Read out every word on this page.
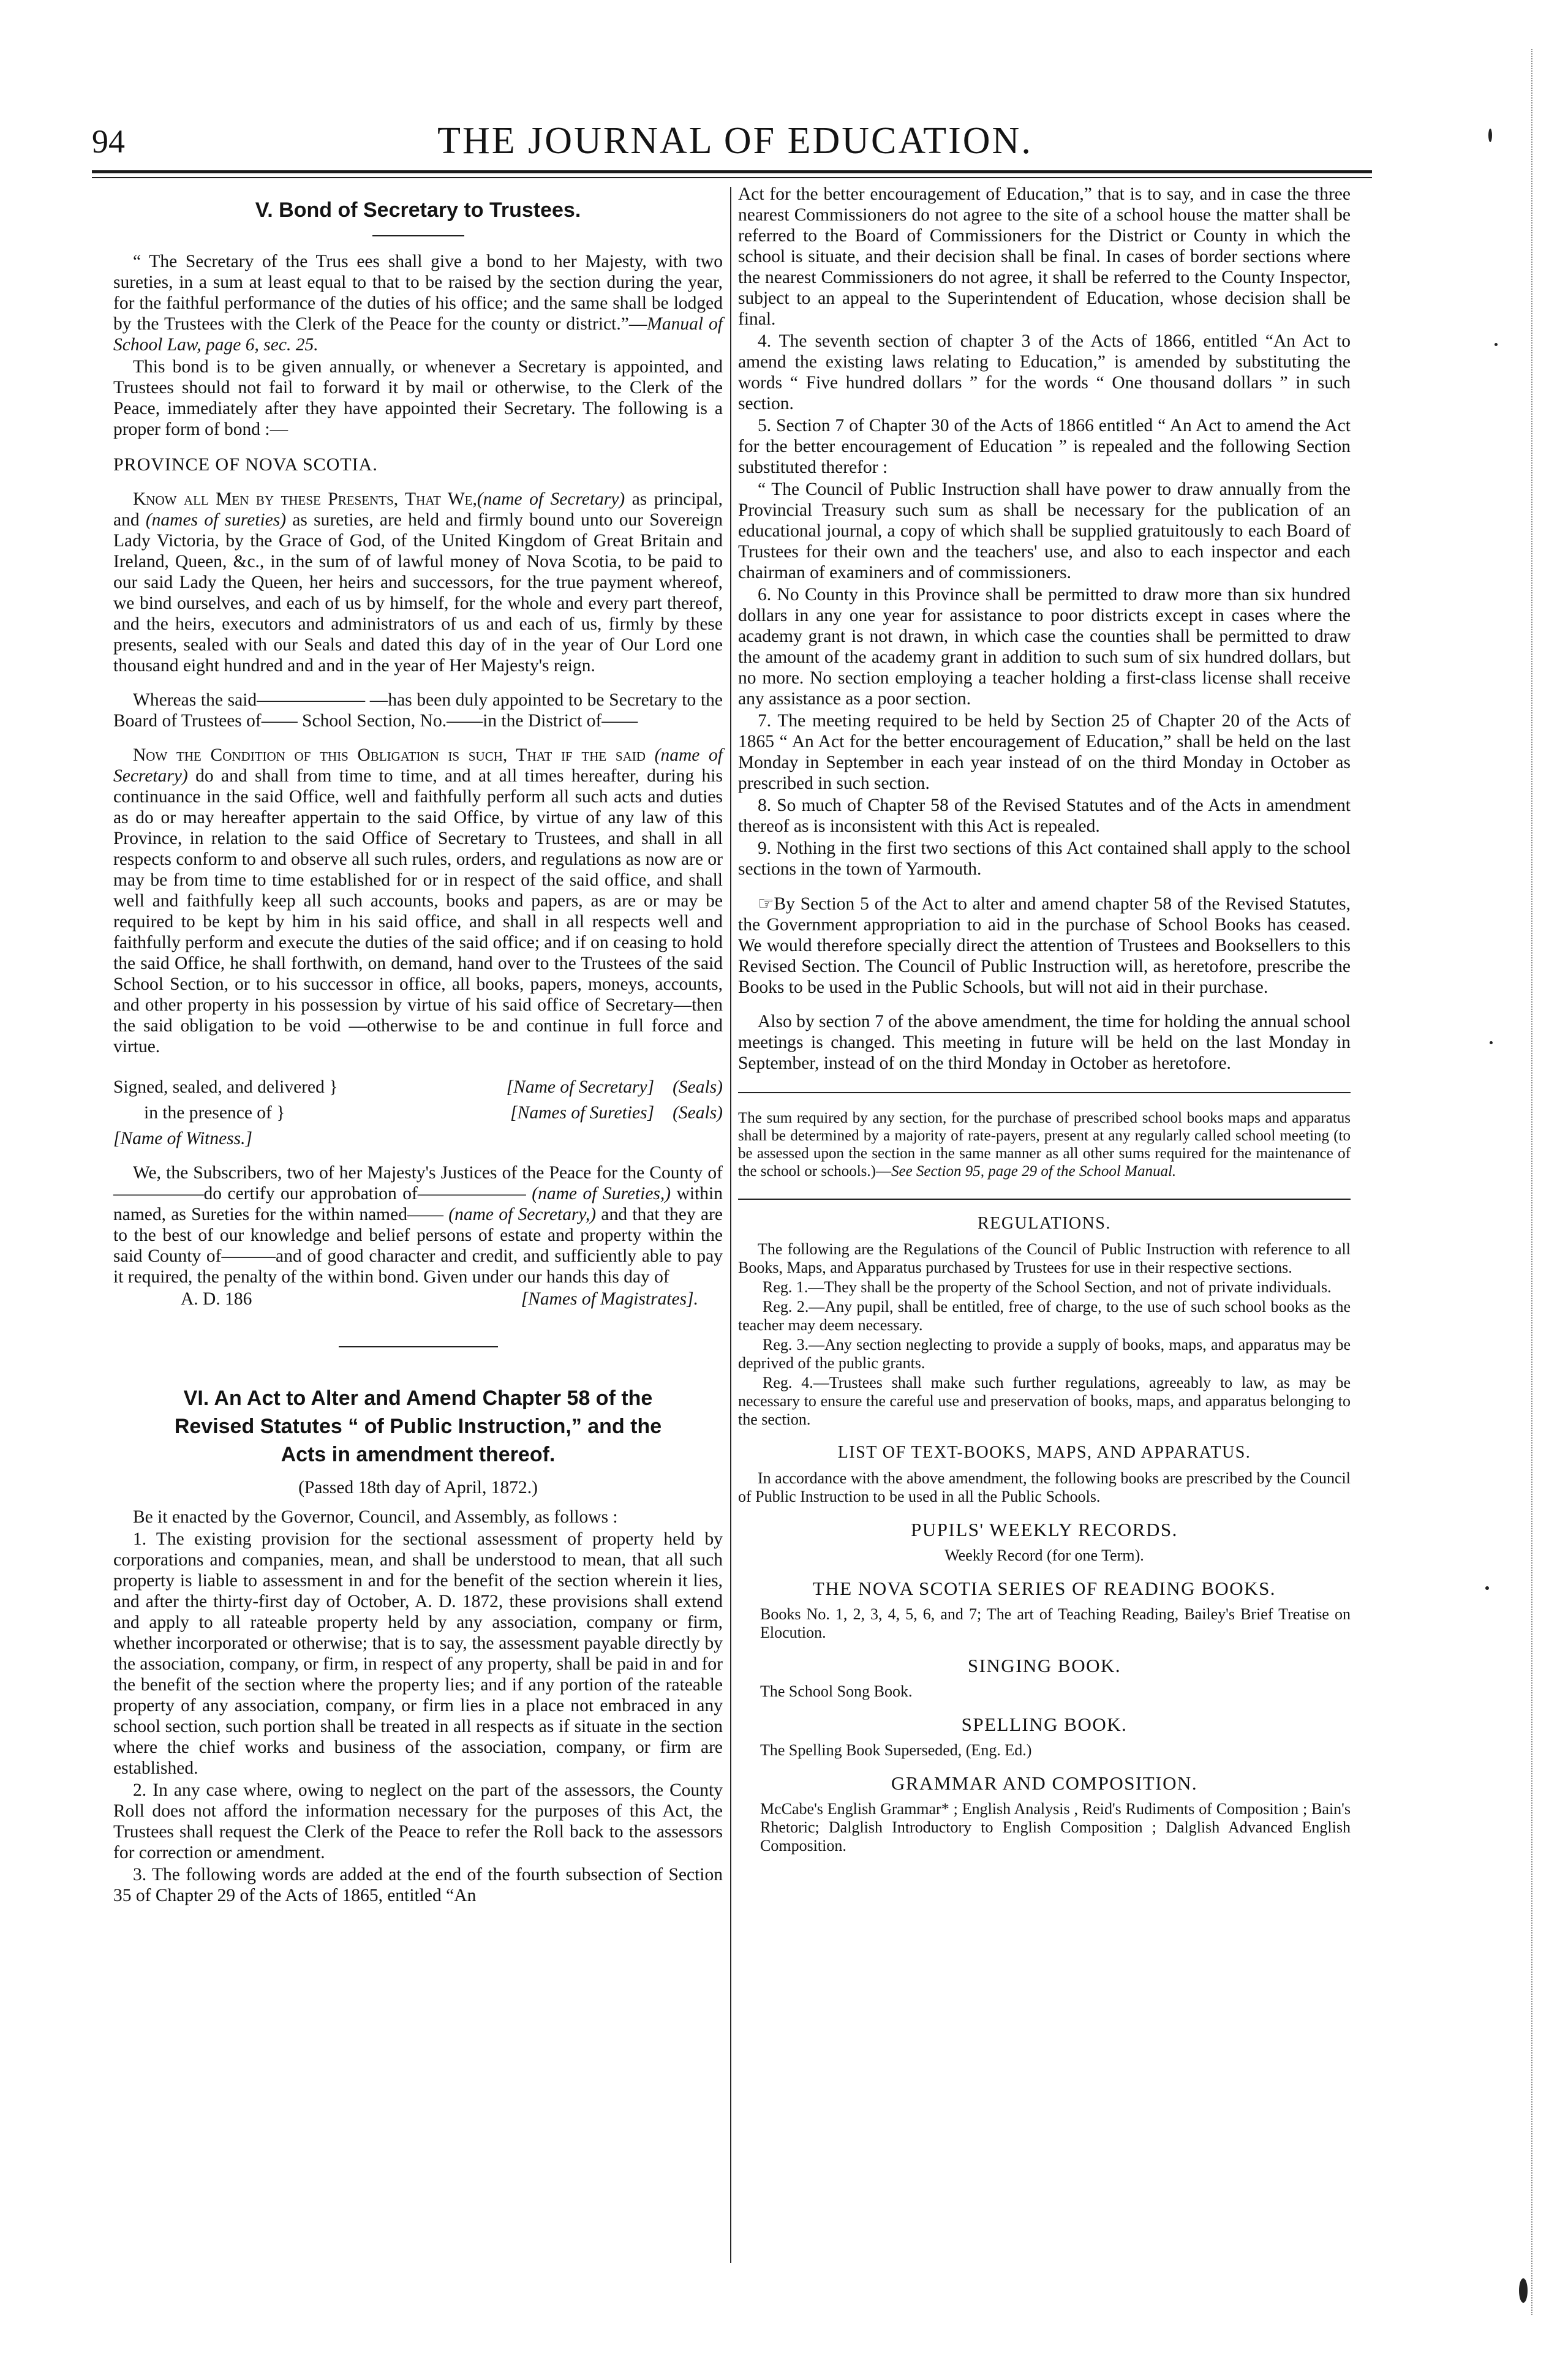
94	THE JOURNAL OF EDUCATION.
V. Bond of Secretary to Trustees.

“ The Secretary of the Trus ees shall give a bond to her Majesty, with two sureties, in a sum at least equal to that to be raised by the section during the year, for the faithful performance of the duties of his office; and the same shall be lodged by the Trustees with the Clerk of the Peace for the county or district.”—Manual of School Law, page 6, sec. 25.

This bond is to be given annually, or whenever a Secretary is appointed, and Trustees should not fail to forward it by mail or otherwise, to the Clerk of the Peace, immediately after they have appointed their Secretary. The following is a proper form of bond :—

PROVINCE OF NOVA SCOTIA.

Know all Men by these Presents, That We,(name of Secretary) as principal, and (names of sureties) as sureties, are held and firmly bound unto our Sovereign Lady Victoria, by the Grace of God, of the United Kingdom of Great Britain and Ireland, Queen, &c., in the sum of of lawful money of Nova Scotia, to be paid to our said Lady the Queen, her heirs and successors, for the true payment whereof, we bind ourselves, and each of us by himself, for the whole and every part thereof, and the heirs, executors and administrators of us and each of us, firmly by these presents, sealed with our Seals and dated this day of in the year of Our Lord one thousand eight hundred and and in the year of Her Majesty's reign.

Whereas the said—————— —has been duly appointed to be Secretary to the Board of Trustees of—— School Section, No.——in the District of——

Now the Condition of this Obligation is such, That if the said (name of Secretary) do and shall from time to time, and at all times hereafter, during his continuance in the said Office, well and faithfully perform all such acts and duties as do or may hereafter appertain to the said Office, by virtue of any law of this Province, in relation to the said Office of Secretary to Trustees, and shall in all respects conform to and observe all such rules, orders, and regulations as now are or may be from time to time established for or in respect of the said office, and shall well and faithfully keep all such accounts, books and papers, as are or may be required to be kept by him in his said office, and shall in all respects well and faithfully perform and execute the duties of the said office; and if on ceasing to hold the said Office, he shall forthwith, on demand, hand over to the Trustees of the said School Section, or to his successor in office, all books, papers, moneys, accounts, and other property in his possession by virtue of his said office of Secretary—then the said obligation to be void —otherwise to be and continue in full force and virtue.

Signed, sealed, and delivered }	[Name of Secretary] (Seals)
in the presence of }	[Names of Sureties] (Seals)

[Name of Witness.]

We, the Subscribers, two of her Majesty's Justices of the Peace for the County of—————do certify our approbation of—————— (name of Sureties,) within named, as Sureties for the within named—— (name of Secretary,) and that they are to the best of our knowledge and belief persons of estate and property within the said County of———and of good character and credit, and sufficiently able to pay it required, the penalty of the within bond. Given under our hands this day of

A. D. 186	[Names of Magistrates].
VI. An Act to Alter and Amend Chapter 58 of the
Revised Statutes “ of Public Instruction,” and the
Acts in amendment thereof.

(Passed 18th day of April, 1872.)

Be it enacted by the Governor, Council, and Assembly, as follows :

1. The existing provision for the sectional assessment of property held by corporations and companies, mean, and shall be understood to mean, that all such property is liable to assessment in and for the benefit of the section wherein it lies, and after the thirty-first day of October, A. D. 1872, these provisions shall extend and apply to all rateable property held by any association, company or firm, whether incorporated or otherwise; that is to say, the assessment payable directly by the association, company, or firm, in respect of any property, shall be paid in and for the benefit of the section where the property lies; and if any portion of the rateable property of any association, company, or firm lies in a place not embraced in any school section, such portion shall be treated in all respects as if situate in the section where the chief works and business of the association, company, or firm are established.

2. In any case where, owing to neglect on the part of the assessors, the County Roll does not afford the information necessary for the purposes of this Act, the Trustees shall request the Clerk of the Peace to refer the Roll back to the assessors for correction or amendment.

3. The following words are added at the end of the fourth subsection of Section 35 of Chapter 29 of the Acts of 1865, entitled “An

Act for the better encouragement of Education,” that is to say, and in case the three nearest Commissioners do not agree to the site of a school house the matter shall be referred to the Board of Commissioners for the District or County in which the school is situate, and their decision shall be final. In cases of border sections where the nearest Commissioners do not agree, it shall be referred to the County Inspector, subject to an appeal to the Superintendent of Education, whose decision shall be final.

4. The seventh section of chapter 3 of the Acts of 1866, entitled “An Act to amend the existing laws relating to Education,” is amended by substituting the words “ Five hundred dollars ” for the words “ One thousand dollars ” in such section.

5. Section 7 of Chapter 30 of the Acts of 1866 entitled “ An Act to amend the Act for the better encouragement of Education ” is repealed and the following Section substituted therefor :

“ The Council of Public Instruction shall have power to draw annually from the Provincial Treasury such sum as shall be necessary for the publication of an educational journal, a copy of which shall be supplied gratuitously to each Board of Trustees for their own and the teachers' use, and also to each inspector and each chairman of examiners and of commissioners.

6. No County in this Province shall be permitted to draw more than six hundred dollars in any one year for assistance to poor districts except in cases where the academy grant is not drawn, in which case the counties shall be permitted to draw the amount of the academy grant in addition to such sum of six hundred dollars, but no more. No section employing a teacher holding a first-class license shall receive any assistance as a poor section.

7. The meeting required to be held by Section 25 of Chapter 20 of the Acts of 1865 “ An Act for the better encouragement of Education,” shall be held on the last Monday in September in each year instead of on the third Monday in October as prescribed in such section.

8. So much of Chapter 58 of the Revised Statutes and of the Acts in amendment thereof as is inconsistent with this Act is repealed.

9. Nothing in the first two sections of this Act contained shall apply to the school sections in the town of Yarmouth.

☞By Section 5 of the Act to alter and amend chapter 58 of the Revised Statutes, the Government appropriation to aid in the purchase of School Books has ceased. We would therefore specially direct the attention of Trustees and Booksellers to this Revised Section. The Council of Public Instruction will, as heretofore, prescribe the Books to be used in the Public Schools, but will not aid in their purchase.

Also by section 7 of the above amendment, the time for holding the annual school meetings is changed. This meeting in future will be held on the last Monday in September, instead of on the third Monday in October as heretofore.

The sum required by any section, for the purchase of prescribed school books maps and apparatus shall be determined by a majority of rate-payers, present at any regularly called school meeting (to be assessed upon the section in the same manner as all other sums required for the maintenance of the school or schools.)—See Section 95, page 29 of the School Manual.

REGULATIONS.

The following are the Regulations of the Council of Public Instruction with reference to all Books, Maps, and Apparatus purchased by Trustees for use in their respective sections.

Reg. 1.—They shall be the property of the School Section, and not of private individuals.

Reg. 2.—Any pupil, shall be entitled, free of charge, to the use of such school books as the teacher may deem necessary.

Reg. 3.—Any section neglecting to provide a supply of books, maps, and apparatus may be deprived of the public grants.

Reg. 4.—Trustees shall make such further regulations, agreeably to law, as may be necessary to ensure the careful use and preservation of books, maps, and apparatus belonging to the section.

LIST OF TEXT-BOOKS, MAPS, AND APPARATUS.

In accordance with the above amendment, the following books are prescribed by the Council of Public Instruction to be used in all the Public Schools.

PUPILS' WEEKLY RECORDS.

Weekly Record (for one Term).

THE NOVA SCOTIA SERIES OF READING BOOKS.

Books No. 1, 2, 3, 4, 5, 6, and 7; The art of Teaching Reading, Bailey's Brief Treatise on Elocution.

SINGING BOOK.

The School Song Book.

SPELLING BOOK.

The Spelling Book Superseded, (Eng. Ed.)

GRAMMAR AND COMPOSITION.

McCabe's English Grammar* ; English Analysis , Reid's Rudiments of Composition ; Bain's Rhetoric; Dalglish Introductory to English Composition ; Dalglish Advanced English Composition.
